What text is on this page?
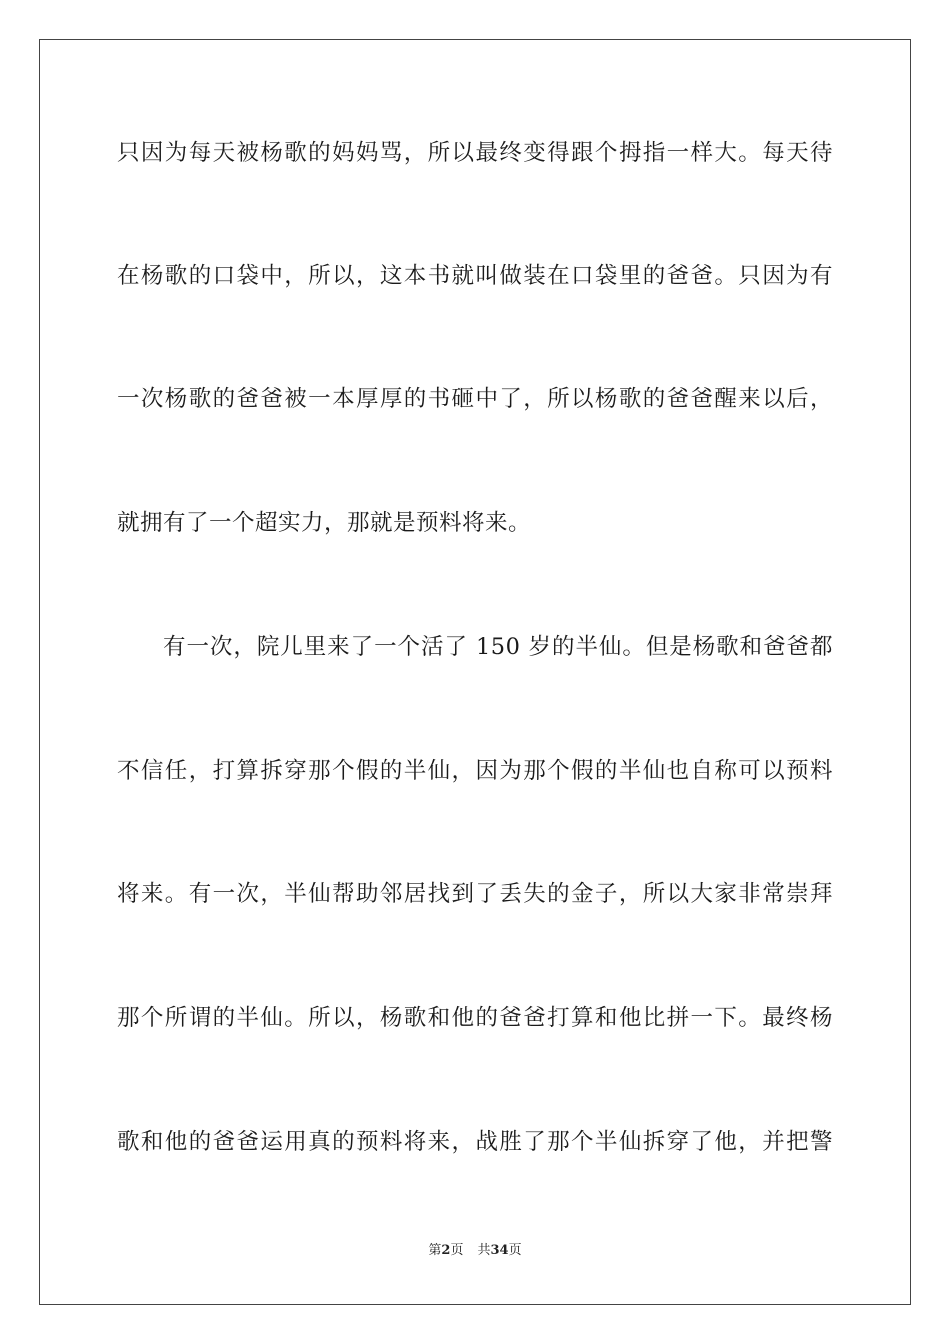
只因为每天被杨歌的妈妈骂，所以最终变得跟个拇指一样大。每天待
在杨歌的口袋中，所以，这本书就叫做装在口袋里的爸爸。只因为有
一次杨歌的爸爸被一本厚厚的书砸中了，所以杨歌的爸爸醒来以后，
就拥有了一个超实力，那就是预料将来。
有一次，院儿里来了一个活了 150 岁的半仙。但是杨歌和爸爸都
不信任，打算拆穿那个假的半仙，因为那个假的半仙也自称可以预料
将来。有一次，半仙帮助邻居找到了丢失的金子，所以大家非常崇拜
那个所谓的半仙。所以，杨歌和他的爸爸打算和他比拼一下。最终杨
歌和他的爸爸运用真的预料将来，战胜了那个半仙拆穿了他，并把警
第2页 共34页
